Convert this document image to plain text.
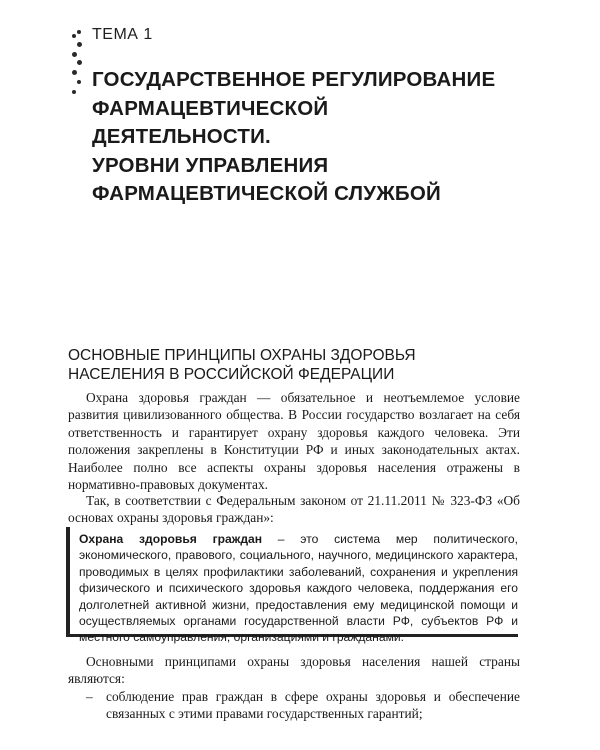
ТЕМА 1
ГОСУДАРСТВЕННОЕ РЕГУЛИРОВАНИЕ
ФАРМАЦЕВТИЧЕСКОЙ
ДЕЯТЕЛЬНОСТИ.
УРОВНИ УПРАВЛЕНИЯ
ФАРМАЦЕВТИЧЕСКОЙ СЛУЖБОЙ
ОСНОВНЫЕ ПРИНЦИПЫ ОХРАНЫ ЗДОРОВЬЯ
НАСЕЛЕНИЯ В РОССИЙСКОЙ ФЕДЕРАЦИИ

Охрана здоровья граждан — обязательное и неотъемлемое условие развития цивилизованного общества. В России государство возлагает на себя ответственность и гарантирует охрану здоровья каждого человека. Эти положения закреплены в Конституции РФ и иных законодательных актах. Наиболее полно все аспекты охраны здоровья населения отражены в нормативно-правовых документах.

Так, в соответствии с Федеральным законом от 21.11.2011 № 323-ФЗ «Об основах охраны здоровья граждан»:

Охрана здоровья граждан – это система мер политического, экономического, правового, социального, научного, медицинского характера, проводимых в целях профилактики заболеваний, сохранения и укрепления физического и психического здоровья каждого человека, поддержания его долголетней активной жизни, предоставления ему медицинской помощи и осуществляемых органами государственной власти РФ, субъектов РФ и местного самоуправления, организациями и гражданами.

Основными принципами охраны здоровья населения нашей страны являются:

– соблюдение прав граждан в сфере охраны здоровья и обеспечение связанных с этими правами государственных гарантий;
